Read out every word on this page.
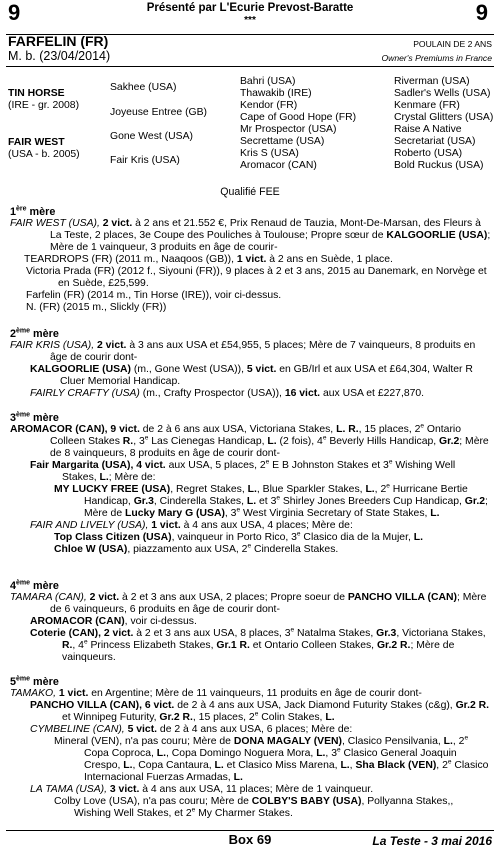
9	9
Présenté par L'Ecurie Prevost-Baratte
***
FARFELIN (FR)
M. b. (23/04/2014)
POULAIN DE 2 ANS
Owner's Premiums in France
TIN HORSE
(IRE - gr. 2008)
FAIR WEST
(USA - b. 2005)
Sakhee (USA)
Joyeuse Entree (GB)
Gone West (USA)
Fair Kris (USA)
Bahri (USA)
Thawakib (IRE)
Kendor (FR)
Cape of Good Hope (FR)
Mr Prospector (USA)
Secrettame (USA)
Kris S (USA)
Aromacor (CAN)
Riverman (USA)
Sadler's Wells (USA)
Kenmare (FR)
Crystal Glitters (USA)
Raise A Native
Secretariat (USA)
Roberto (USA)
Bold Ruckus (USA)
Qualifié FEE
1ère mère

FAIR WEST (USA), 2 vict. à 2 ans et 21.552 €, Prix Renaud de Tauzia, Mont-De-Marsan, des Fleurs à La Teste, 2 places, 3e Coupe des Pouliches à Toulouse; Propre sœur de KALGOORLIE (USA); Mère de 1 vainqueur, 3 produits en âge de courir-

TEARDROPS (FR) (2011 m., Naaqoos (GB)), 1 vict. à 2 ans en Suède, 1 place.

Victoria Prada (FR) (2012 f., Siyouni (FR)), 9 places à 2 et 3 ans, 2015 au Danemark, en Norvège et en Suède, £25,599.

Farfelin (FR) (2014 m., Tin Horse (IRE)), voir ci-dessus.

N. (FR) (2015 m., Slickly (FR))

2ème mère

FAIR KRIS (USA), 2 vict. à 3 ans aux USA et £54,955, 5 places; Mère de 7 vainqueurs, 8 produits en âge de courir dont-

KALGOORLIE (USA) (m., Gone West (USA)), 5 vict. en GB/Irl et aux USA et £64,304, Walter R Cluer Memorial Handicap.

FAIRLY CRAFTY (USA) (m., Crafty Prospector (USA)), 16 vict. aux USA et £227,870.

3ème mère

AROMACOR (CAN), 9 vict. de 2 à 6 ans aux USA, Victoriana Stakes, L. R., 15 places, 2e Ontario Colleen Stakes R., 3e Las Cienegas Handicap, L. (2 fois), 4e Beverly Hills Handicap, Gr.2; Mère de 8 vainqueurs, 8 produits en âge de courir dont-

Fair Margarita (USA), 4 vict. aux USA, 5 places, 2e E B Johnston Stakes et 3e Wishing Well Stakes, L.; Mère de:

MY LUCKY FREE (USA), Regret Stakes, L., Blue Sparkler Stakes, L., 2e Hurricane Bertie Handicap, Gr.3, Cinderella Stakes, L. et 3e Shirley Jones Breeders Cup Handicap, Gr.2; Mère de Lucky Mary G (USA), 3e West Virginia Secretary of State Stakes, L.

FAIR AND LIVELY (USA), 1 vict. à 4 ans aux USA, 4 places; Mère de:

Top Class Citizen (USA), vainqueur in Porto Rico, 3e Clasico dia de la Mujer, L.

Chloe W (USA), piazzamento aux USA, 2e Cinderella Stakes.

4ème mère

TAMARA (CAN), 2 vict. à 2 et 3 ans aux USA, 2 places; Propre soeur de PANCHO VILLA (CAN); Mère de 6 vainqueurs, 6 produits en âge de courir dont-

AROMACOR (CAN), voir ci-dessus.

Coterie (CAN), 2 vict. à 2 et 3 ans aux USA, 8 places, 3e Natalma Stakes, Gr.3, Victoriana Stakes, R., 4e Princess Elizabeth Stakes, Gr.1 R. et Ontario Colleen Stakes, Gr.2 R.; Mère de vainqueurs.

5ème mère

TAMAKO, 1 vict. en Argentine; Mère de 11 vainqueurs, 11 produits en âge de courir dont-

PANCHO VILLA (CAN), 6 vict. de 2 à 4 ans aux USA, Jack Diamond Futurity Stakes (c&g), Gr.2 R. et Winnipeg Futurity, Gr.2 R., 15 places, 2e Colin Stakes, L.

CYMBELINE (CAN), 5 vict. de 2 à 4 ans aux USA, 6 places; Mère de:

Mineral (VEN), n'a pas couru; Mère de DONA MAGALY (VEN), Clasico Pensilvania, L., 2e Copa Coproca, L., Copa Domingo Noguera Mora, L., 3e Clasico General Joaquin Crespo, L., Copa Cantaura, L. et Clasico Miss Marena, L., Sha Black (VEN), 2e Clasico Internacional Fuerzas Armadas, L.

LA TAMA (USA), 3 vict. à 4 ans aux USA, 11 places; Mère de 1 vainqueur.

Colby Love (USA), n'a pas couru; Mère de COLBY'S BABY (USA), Pollyanna Stakes,, Wishing Well Stakes, et 2e My Charmer Stakes.

Box 69	La Teste - 3 mai 2016
